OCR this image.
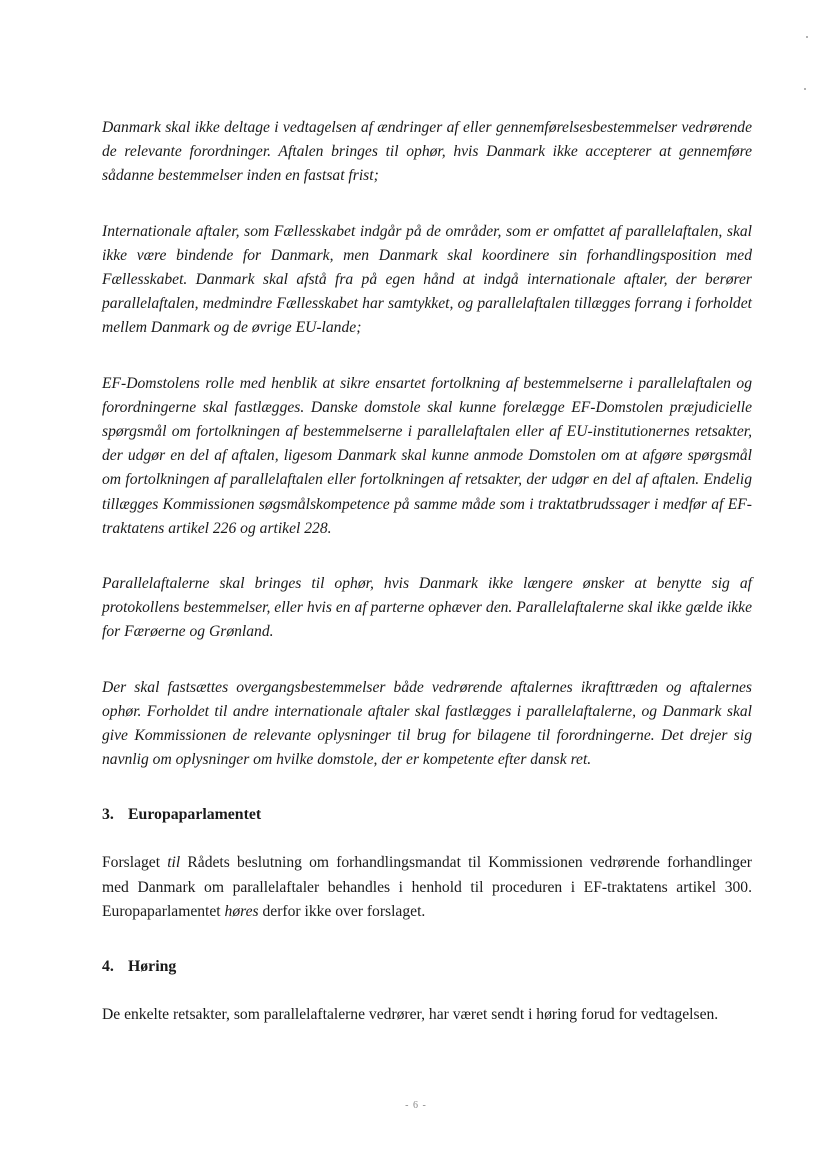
Danmark skal ikke deltage i vedtagelsen af ændringer af eller gennemførelsesbestemmelser vedrørende de relevante forordninger. Aftalen bringes til ophør, hvis Danmark ikke accepterer at gennemføre sådanne bestemmelser inden en fastsat frist;

Internationale aftaler, som Fællesskabet indgår på de områder, som er omfattet af parallelaftalen, skal ikke være bindende for Danmark, men Danmark skal koordinere sin forhandlingsposition med Fællesskabet. Danmark skal afstå fra på egen hånd at indgå internationale aftaler, der berører parallelaftalen, medmindre Fællesskabet har samtykket, og parallelaftalen tillægges forrang i forholdet mellem Danmark og de øvrige EU-lande;

EF-Domstolens rolle med henblik at sikre ensartet fortolkning af bestemmelserne i parallelaftalen og forordningerne skal fastlægges. Danske domstole skal kunne forelægge EF-Domstolen præjudicielle spørgsmål om fortolkningen af bestemmelserne i parallelaftalen eller af EU-institutionernes retsakter, der udgør en del af aftalen, ligesom Danmark skal kunne anmode Domstolen om at afgøre spørgsmål om fortolkningen af parallelaftalen eller fortolkningen af retsakter, der udgør en del af aftalen. Endelig tillægges Kommissionen søgsmålskompetence på samme måde som i traktatbrudssager i medfør af EF-traktatens artikel 226 og artikel 228.

Parallelaftalerne skal bringes til ophør, hvis Danmark ikke længere ønsker at benytte sig af protokollens bestemmelser, eller hvis en af parterne ophæver den. Parallelaftalerne skal ikke gælde ikke for Færøerne og Grønland.

Der skal fastsættes overgangsbestemmelser både vedrørende aftalernes ikrafttræden og aftalernes ophør. Forholdet til andre internationale aftaler skal fastlægges i parallelaftalerne, og Danmark skal give Kommissionen de relevante oplysninger til brug for bilagene til forordningerne. Det drejer sig navnlig om oplysninger om hvilke domstole, der er kompetente efter dansk ret.

3. Europaparlamentet

Forslaget til Rådets beslutning om forhandlingsmandat til Kommissionen vedrørende forhandlinger med Danmark om parallelaftaler behandles i henhold til proceduren i EF-traktatens artikel 300. Europaparlamentet høres derfor ikke over forslaget.

4. Høring

De enkelte retsakter, som parallelaftalerne vedrører, har været sendt i høring forud for vedtagelsen.

- 6 -
